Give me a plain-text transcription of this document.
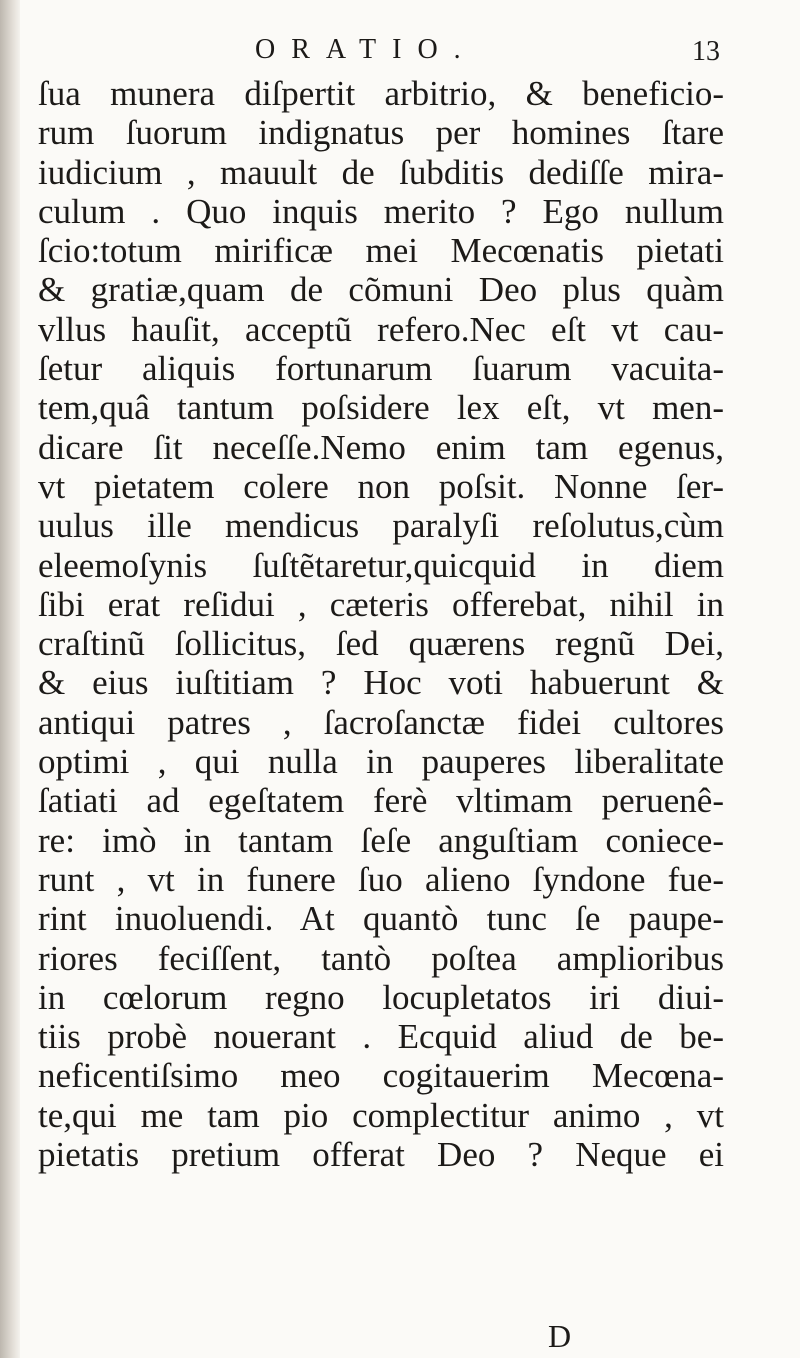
ORATIO.	13
ſua munera diſpertit arbitrio, & beneficio-
rum ſuorum indignatus per homines ſtare
iudicium , mauult de ſubditis dediſſe mira-
culum . Quo inquis merito ? Ego nullum
ſcio:totum mirificæ mei Mecœnatis pietati
& gratiæ,quam de cõmuni Deo plus quàm
vllus hauſit, acceptũ refero.Nec eſt vt cau-
ſetur aliquis fortunarum ſuarum vacuita-
tem,quâ tantum poſsidere lex eſt, vt men-
dicare ſit neceſſe.Nemo enim tam egenus,
vt pietatem colere non poſsit. Nonne ſer-
uulus ille mendicus paralyſi reſolutus,cùm
eleemoſynis ſuſtẽtaretur,quicquid in diem
ſibi erat reſidui , cæteris offerebat, nihil in
craſtinũ ſollicitus, ſed quærens regnũ Dei,
& eius iuſtitiam ? Hoc voti habuerunt &
antiqui patres , ſacroſanctæ fidei cultores
optimi , qui nulla in pauperes liberalitate
ſatiati ad egeſtatem ferè vltimam peruenê-
re: imò in tantam ſeſe anguſtiam coniece-
runt , vt in funere ſuo alieno ſyndone fue-
rint inuoluendi. At quantò tunc ſe paupe-
riores feciſſent, tantò poſtea amplioribus
in cœlorum regno locupletatos iri diui-
tiis probè nouerant . Ecquid aliud de be-
neficentiſsimo meo cogitauerim Mecœna-
te,qui me tam pio complectitur animo , vt
pietatis pretium offerat Deo ? Neque ei
D
